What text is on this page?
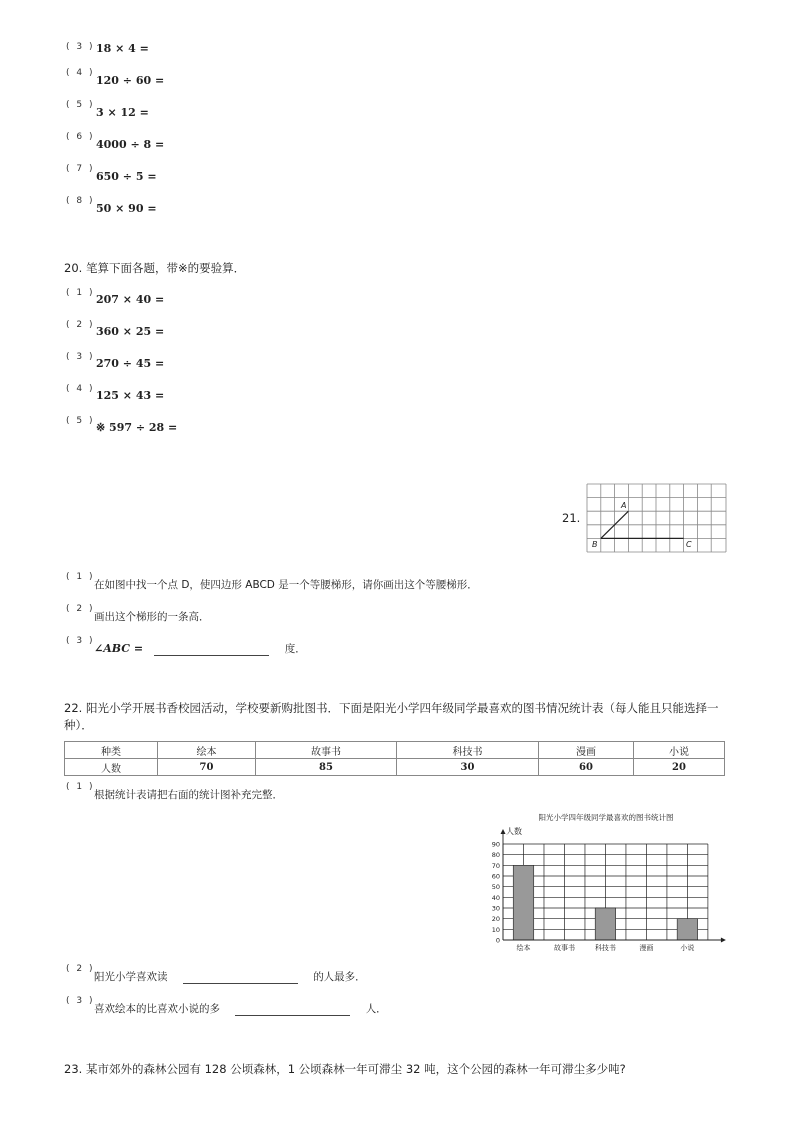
( 3 ) 18 × 4 =
( 4 )
120 ÷ 60 =
( 5 )
3 × 12 =
( 6 )
4000 ÷ 8 =
( 7 )
650 ÷ 5 =
( 8 )
50 × 90 =
20. 笔算下面各题，带※的要验算．
( 1 ) 207 × 40 =
( 2 ) 360 × 25 =
( 3 ) 270 ÷ 45 =
( 4 ) 125 × 43 =
( 5 ) ※ 597 ÷ 28 =
21.
A
B	C
( 1 )
在如图中找一个点 D，使四边形 ABCD 是一个等腰梯形，请你画出这个等腰梯形．
( 2 )
画出这个梯形的一条高．
( 3 )
∠ABC =	度．
22. 阳光小学开展书香校园活动，学校要新购批图书．下面是阳光小学四年级同学最喜欢的图书情况统计表（每人能且只能选择一
种）．
种类	绘本	故事书	科技书	漫画	小说
人数	70	85	30	60	20
( 1 )
根据统计表请把右面的统计图补充完整．
阳光小学四年级同学最喜欢的图书统计图
人数
0
10
20
30
40
50
60
70
80
90
绘本	故事书	科技书	漫画	小说
( 2 )
阳光小学喜欢读	的人最多．
( 3 )
喜欢绘本的比喜欢小说的多	人．
23. 某市郊外的森林公园有 128 公顷森林，1 公顷森林一年可滞尘 32 吨，这个公园的森林一年可滞尘多少吨?
